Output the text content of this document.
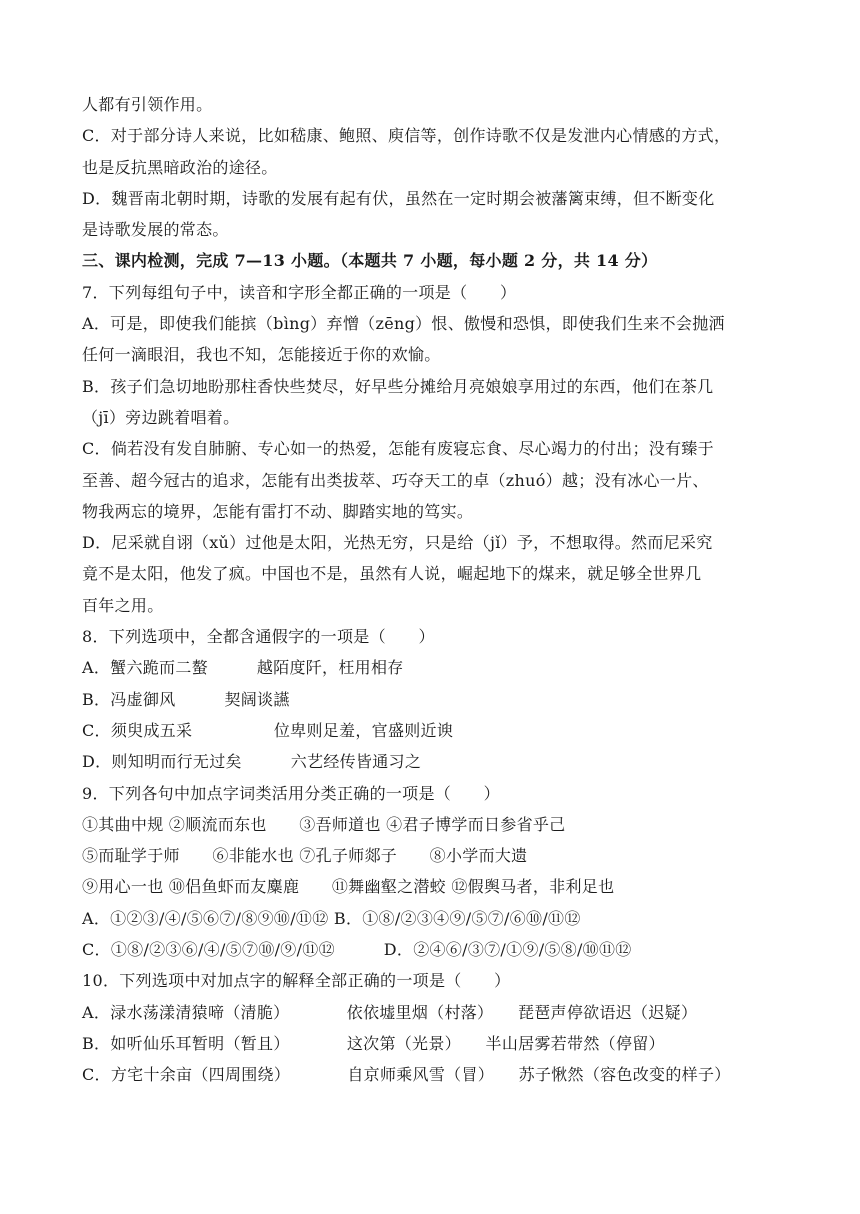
人都有引领作用。
C．对于部分诗人来说，比如嵇康、鲍照、庾信等，创作诗歌不仅是发泄内心情感的方式，
也是反抗黑暗政治的途径。
D．魏晋南北朝时期，诗歌的发展有起有伏，虽然在一定时期会被藩篱束缚，但不断变化
是诗歌发展的常态。
三、课内检测，完成 7—13 小题。（本题共 7 小题，每小题 2 分，共 14 分）
7．下列每组句子中，读音和字形全都正确的一项是（　　）
A．可是，即使我们能摈（bìng）弃憎（zēng）恨、傲慢和恐惧，即使我们生来不会抛洒
任何一滴眼泪，我也不知，怎能接近于你的欢愉。
B．孩子们急切地盼那柱香快些焚尽，好早些分摊给月亮娘娘享用过的东西，他们在茶几
（jī）旁边跳着唱着。
C．倘若没有发自肺腑、专心如一的热爱，怎能有废寝忘食、尽心竭力的付出；没有臻于
至善、超今冠古的追求，怎能有出类拔萃、巧夺天工的卓（zhuó）越；没有冰心一片、
物我两忘的境界，怎能有雷打不动、脚踏实地的笃实。
D．尼采就自诩（xǔ）过他是太阳，光热无穷，只是给（jǐ）予，不想取得。然而尼采究
竟不是太阳，他发了疯。中国也不是，虽然有人说，崛起地下的煤来，就足够全世界几
百年之用。
8．下列选项中，全都含通假字的一项是（　　）
A．蟹六跪而二螯　　　越陌度阡，枉用相存
B．冯虚御风　　　契阔谈讌
C．须臾成五采　　　　　位卑则足羞，官盛则近谀
D．则知明而行无过矣　　　六艺经传皆通习之
9．下列各句中加点字词类活用分类正确的一项是（　　）
①其曲中规 ②顺流而东也　　③吾师道也 ④君子博学而日参省乎己
⑤而耻学于师　　⑥非能水也 ⑦孔子师郯子　　⑧小学而大遗
⑨用心一也 ⑩侣鱼虾而友麋鹿　　⑪舞幽壑之潜蛟 ⑫假舆马者，非利足也
A．①②③/④/⑤⑥⑦/⑧⑨⑩/⑪⑫ B．①⑧/②③④⑨/⑤⑦/⑥⑩/⑪⑫
C．①⑧/②③⑥/④/⑤⑦⑩/⑨/⑪⑫　　　D．②④⑥/③⑦/①⑨/⑤⑧/⑩⑪⑫
10．下列选项中对加点字的解释全部正确的一项是（　　）
A．渌水荡漾清猿啼（清脆）　　　　依依墟里烟（村落）　　琵琶声停欲语迟（迟疑）
B．如听仙乐耳暂明（暂且）　　　　这次第（光景）　　半山居雾若带然（停留）
C．方宅十余亩（四周围绕）　　　　自京师乘风雪（冒）　　苏子愀然（容色改变的样子）
